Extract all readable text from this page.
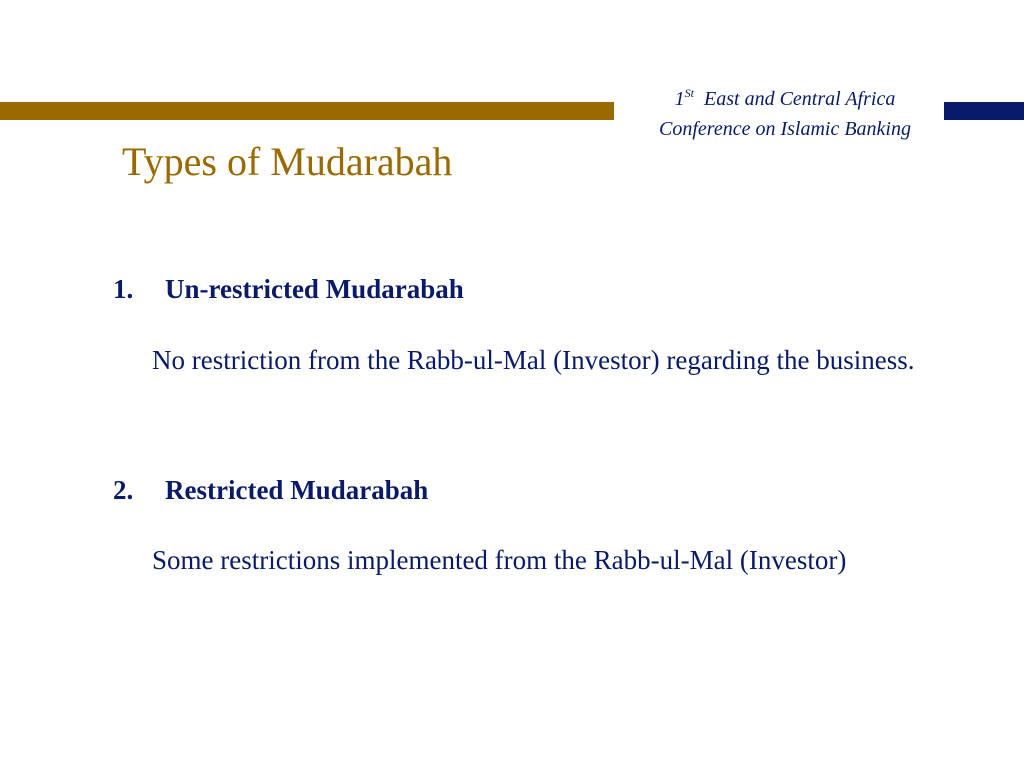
1St East and Central Africa
Conference on Islamic Banking
Types of Mudarabah

1. Un-restricted Mudarabah

No restriction from the Rabb-ul-Mal (Investor) regarding the business.

2. Restricted Mudarabah

Some restrictions implemented from the Rabb-ul-Mal (Investor)
